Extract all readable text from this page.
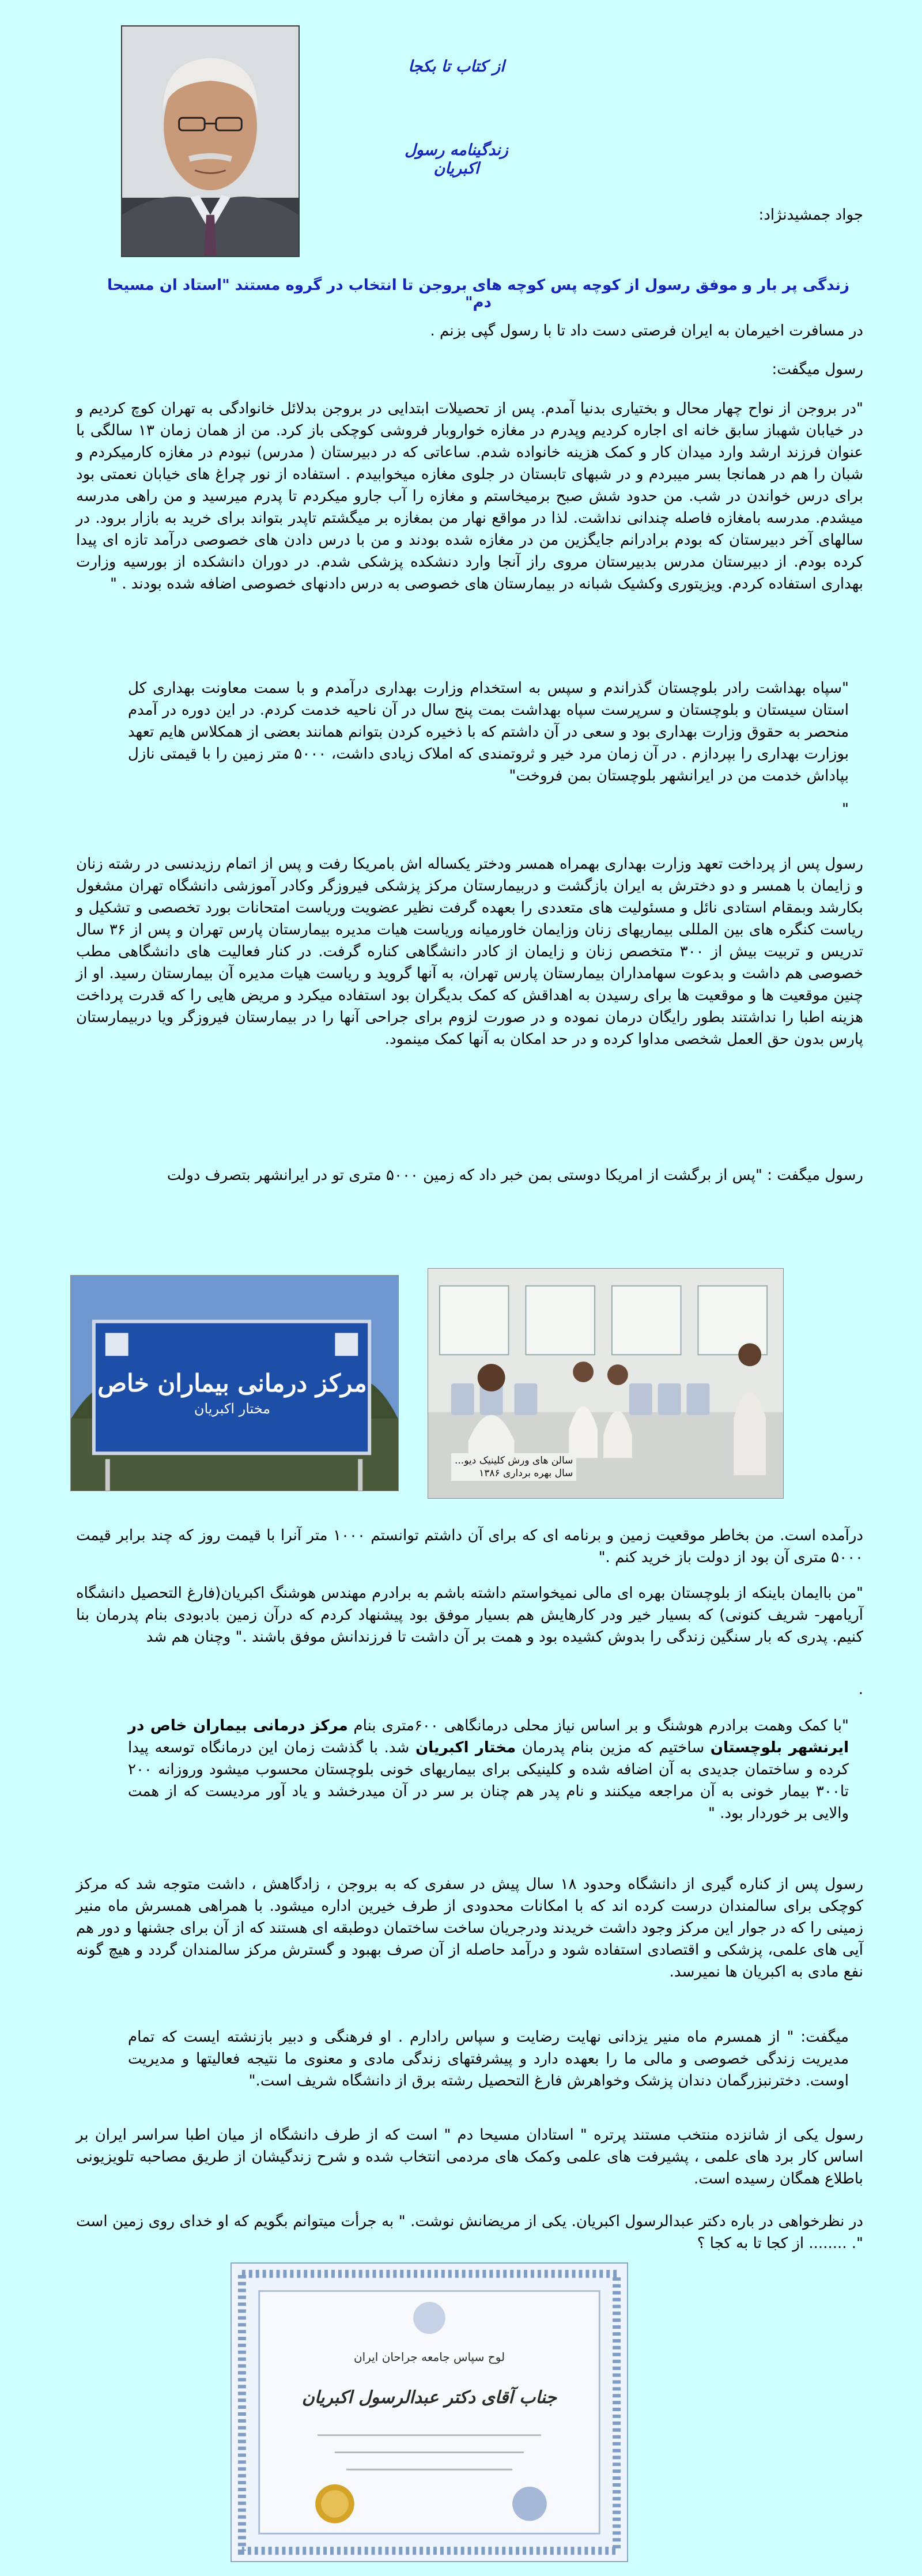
از کتاب تا بکجا
زندگینامه رسول اکبریان
جواد جمشیدنژاد:
زندگی پر بار و موفق رسول از کوچه پس کوچه های بروجن تا انتخاب در گروه مستند "استاد ان مسیحا دم"

در مسافرت اخیرمان به ایران فرصتی دست داد تا با رسول گپی بزنم .

رسول میگفت:

"در بروجن از نواح چهار محال و بختیاری بدنیا آمدم. پس از تحصیلات ابتدایی در بروجن بدلائل خانوادگی به تهران کوچ کردیم و در خیابان شهباز سابق خانه ای اجاره کردیم وپدرم در مغازه خواروبار فروشی کوچکی باز کرد. من از همان زمان ۱۳ سالگی با عنوان فرزند ارشد وارد میدان کار و کمک هزینه خانواده شدم. ساعاتی که در دبیرستان ( مدرس) نبودم در مغازه کارمیکردم و شبان را هم در همانجا بسر میبردم و در شبهای تابستان در جلوی مغازه میخوابیدم . استفاده از نور چراغ های خیابان نعمتی بود برای درس خواندن در شب. من حدود شش صبح برمیخاستم و مغازه را آب جارو میکردم تا پدرم میرسید و من راهی مدرسه میشدم. مدرسه بامغازه فاصله چندانی نداشت. لذا در مواقع نهار من بمغازه بر میگشتم تاپدر بتواند برای خرید به بازار برود. در سالهای آخر دبیرستان که بودم برادرانم جایگزین من در مغازه شده بودند و من با درس دادن های خصوصی درآمد تازه ای پیدا کرده بودم. از دبیرستان مدرس بدبیرستان مروی راز آنجا وارد دنشکده پزشکی شدم. در دوران دانشکده از بورسیه وزارت بهداری استفاده کردم. ویزیتوری وکشیک شبانه در بیمارستان های خصوصی به درس دادنهای خصوصی اضافه شده بودند . "

"سپاه بهداشت رادر بلوچستان گذراندم و سپس به استخدام وزارت بهداری درآمدم و با سمت معاونت بهداری کل استان سیستان و بلوچستان و سرپرست سپاه بهداشت بمت پنج سال در آن ناحیه خدمت کردم. در این دوره در آمدم منحصر به حقوق وزارت بهداری بود و سعی در آن داشتم که با ذخیره کردن بتوانم همانند بعضی از همکلاس هایم تعهد بوزارت بهداری را بپردازم . در آن زمان مرد خیر و ثروتمندی که املاک زیادی داشت، ۵۰۰۰ متر زمین را با قیمتی نازل بپاداش خدمت من در ایرانشهر بلوچستان بمن فروخت"

"

رسول پس از پرداخت تعهد وزارت بهداری بهمراه همسر ودختر یکساله اش بامریکا رفت و پس از اتمام رزیدنسی در رشته زنان و زایمان با همسر و دو دخترش به ایران بازگشت و دربیمارستان مرکز پزشکی فیروزگر وکادر آموزشی دانشگاه تهران مشغول بکارشد وبمقام استادی نائل و مسئولیت های متعددی را بعهده گرفت نظیر عضویت وریاست امتحانات بورد تخصصی و تشکیل و ریاست کنگره های بین المللی بیماریهای زنان وزایمان خاورمیانه وریاست هیات مدیره بیمارستان پارس تهران و پس از ۳۶ سال تدریس و تربیت بیش از ۳۰۰ متخصص زنان و زایمان از کادر دانشگاهی کناره گرفت. در کنار فعالیت های دانشگاهی مطب خصوصی هم داشت و بدعوت سهامداران بیمارستان پارس تهران، به آنها گروید و ریاست هیات مدیره آن بیمارستان رسید. او از چنین موقعیت ها و موقعیت ها برای رسیدن به اهداقش که کمک بدیگران بود استفاده میکرد و مریض هایی را که قدرت پرداخت هزینه اطبا را نداشتند بطور رایگان درمان نموده و در صورت لزوم برای جراحی آنها را در بیمارستان فیروزگر ویا دربیمارستان پارس بدون حق العمل شخصی مداوا کرده و در حد امکان به آنها کمک مینمود.

رسول میگفت : "پس از برگشت از امریکا دوستی بمن خبر داد که زمین ۵۰۰۰ متری تو در ایرانشهر بتصرف دولت

سالن های ورش کلینیک دیو...
سال بهره برداری ۱۳۸۶
مرکز درمانی بیماران خاص
مختار اکبریان

درآمده است. من بخاطر موقعیت زمین و برنامه ای که برای آن داشتم توانستم ۱۰۰۰ متر آنرا با قیمت روز که چند برابر قیمت ۵۰۰۰ متری آن بود از دولت باز خرید کنم ."

"من باایمان باینکه از بلوچستان بهره ای مالی نمیخواستم داشته باشم به برادرم مهندس هوشنگ اکبریان(فارغ التحصیل دانشگاه آریامهر- شریف کنونی) که بسیار خیر ودر کارهایش هم بسیار موفق بود پیشنهاد کردم که درآن زمین بادبودی بنام پدرمان بنا کنیم. پدری که بار سنگین زندگی را بدوش کشیده بود و همت بر آن داشت تا فرزندانش موفق باشند ." وچنان هم شد

.

"با کمک وهمت برادرم هوشنگ و بر اساس نیاز محلی درمانگاهی ۶۰۰متری بنام مرکز درمانی بیماران خاص در ایرنشهر بلوچستان ساختیم که مزین بنام پدرمان مختار اکبریان شد. با گذشت زمان این درمانگاه توسعه پیدا کرده و ساختمان جدیدی به آن اضافه شده و کلینیکی برای بیماریهای خونی بلوچستان محسوب میشود وروزانه ۲۰۰ تا۳۰۰ بیمار خونی به آن مراجعه میکنند و نام پدر هم چنان بر سر در آن میدرخشد و یاد آور مردیست که از همت والایی بر خوردار بود. "

رسول پس از کناره گیری از دانشگاه وحدود ۱۸ سال پیش در سفری که به بروجن ، زادگاهش ، داشت متوجه شد که مرکز کوچکی برای سالمندان درست کرده اند که با امکانات محدودی از طرف خیرین اداره میشود. با همراهی همسرش ماه منیر زمینی را که در جوار این مرکز وجود داشت خریدند ودرجریان ساخت ساختمان دوطبقه ای هستند که از آن برای جشنها و دور هم آیی های علمی، پزشکی و اقتصادی استفاده شود و درآمد حاصله از آن صرف بهبود و گسترش مرکز سالمندان گردد و هیچ گونه نفع مادی به اکبریان ها نمیرسد.

میگفت: " از همسرم ماه منیر یزدانی نهایت رضایت و سپاس رادارم . او فرهنگی و دبیر بازنشته ایست که تمام مدیریت زندگی خصوصی و مالی ما را بعهده دارد و پیشرفتهای زندگی مادی و معنوی ما نتیجه فعالیتها و مدیریت اوست. دخترنبزرگمان دندان پزشک وخواهرش فارغ التحصیل رشته برق از دانشگاه شریف است."

رسول یکی از شانزده منتخب مستند پرتره " استادان مسیحا دم " است که از طرف دانشگاه از میان اطبا سراسر ایران بر اساس کار برد های علمی ، پشیرفت های علمی وکمک های مردمی انتخاب شده و شرح زندگیشان از طریق مصاحبه تلویزیونی باطلاع همگان رسیده است.

در نظرخواهی در باره دکتر عبدالرسول اکبریان. یکی از مریضانش نوشت. " به جرأت میتوانم بگویم که او خدای روی زمین است ". ........ از کجا تا به کجا ؟

لوح سپاس جامعه جراحان ایران
جناب آقای دکتر عبدالرسول اکبریان
